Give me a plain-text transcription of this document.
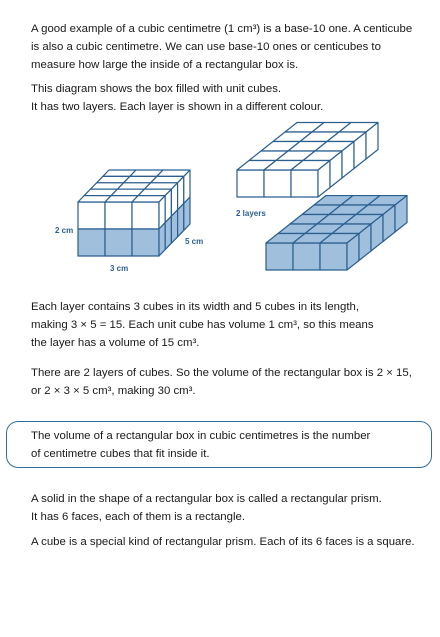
A good example of a cubic centimetre (1 cm³) is a base-10 one. A centicube
is also a cubic centimetre. We can use base-10 ones or centicubes to
measure how large the inside of a rectangular box is.

This diagram shows the box filled with unit cubes.
It has two layers. Each layer is shown in a different colour.

2 cm
5 cm
3 cm
2 layers

Each layer contains 3 cubes in its width and 5 cubes in its length,
making 3 × 5 = 15. Each unit cube has volume 1 cm³, so this means
the layer has a volume of 15 cm³.

There are 2 layers of cubes. So the volume of the rectangular box is 2 × 15,
or 2 × 3 × 5 cm³, making 30 cm³.

The volume of a rectangular box in cubic centimetres is the number
of centimetre cubes that fit inside it.

A solid in the shape of a rectangular box is called a rectangular prism.
It has 6 faces, each of them is a rectangle.

A cube is a special kind of rectangular prism. Each of its 6 faces is a square.
